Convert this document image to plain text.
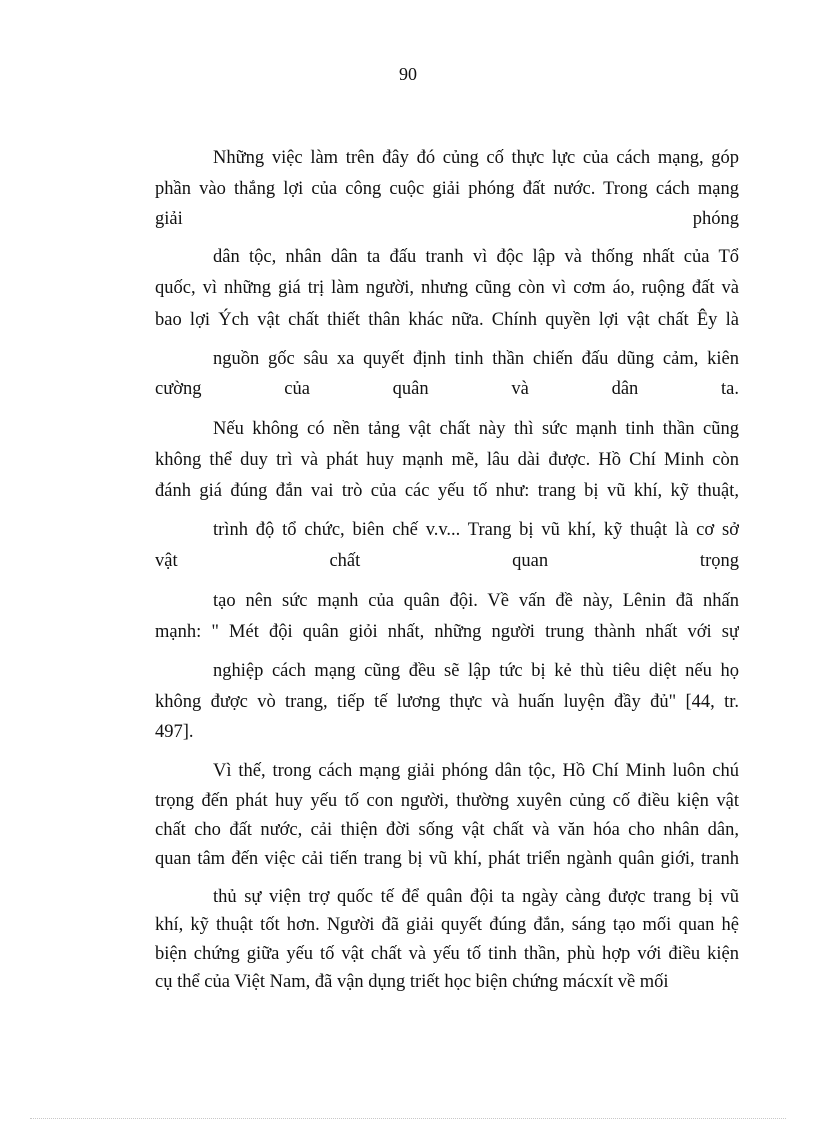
90
Những việc làm trên đây đó củng cố thực lực của cách mạng, góp
phần vào thắng lợi của công cuộc giải phóng đất nước. Trong cách mạng
giải phóng
dân tộc, nhân dân ta đấu tranh vì độc lập và thống nhất của Tổ
quốc, vì những giá trị làm người, nhưng cũng còn vì cơm áo, ruộng đất và
bao lợi Ých vật chất thiết thân khác nữa. Chính quyền lợi vật chất Êy là
nguồn gốc sâu xa quyết định tinh thần chiến đấu dũng cảm, kiên
cường của quân và dân ta.
Nếu không có nền tảng vật chất này thì sức mạnh tinh thần cũng
không thể duy trì và phát huy mạnh mẽ, lâu dài được. Hồ Chí Minh còn
đánh giá đúng đắn vai trò của các yếu tố như: trang bị vũ khí, kỹ thuật,
trình độ tổ chức, biên chế v.v... Trang bị vũ khí, kỹ thuật là cơ sở
vật chất quan trọng
tạo nên sức mạnh của quân đội. Về vấn đề này, Lênin đã nhấn
mạnh: " Mét đội quân giỏi nhất, những người trung thành nhất với sự
nghiệp cách mạng cũng đều sẽ lập tức bị kẻ thù tiêu diệt nếu họ
không được vò trang, tiếp tế lương thực và huấn luyện đầy đủ" [44, tr.
497].
Vì thế, trong cách mạng giải phóng dân tộc, Hồ Chí Minh luôn chú
trọng đến phát huy yếu tố con người, thường xuyên củng cố điều kiện vật
chất cho đất nước, cải thiện đời sống vật chất và văn hóa cho nhân dân,
quan tâm đến việc cải tiến trang bị vũ khí, phát triển ngành quân giới, tranh
thủ sự viện trợ quốc tế để quân đội ta ngày càng được trang bị vũ
khí, kỹ thuật tốt hơn. Người đã giải quyết đúng đắn, sáng tạo mối quan hệ
biện chứng giữa yếu tố vật chất và yếu tố tinh thần, phù hợp với điều kiện
cụ thể của Việt Nam, đã vận dụng triết học biện chứng mácxít về mối
